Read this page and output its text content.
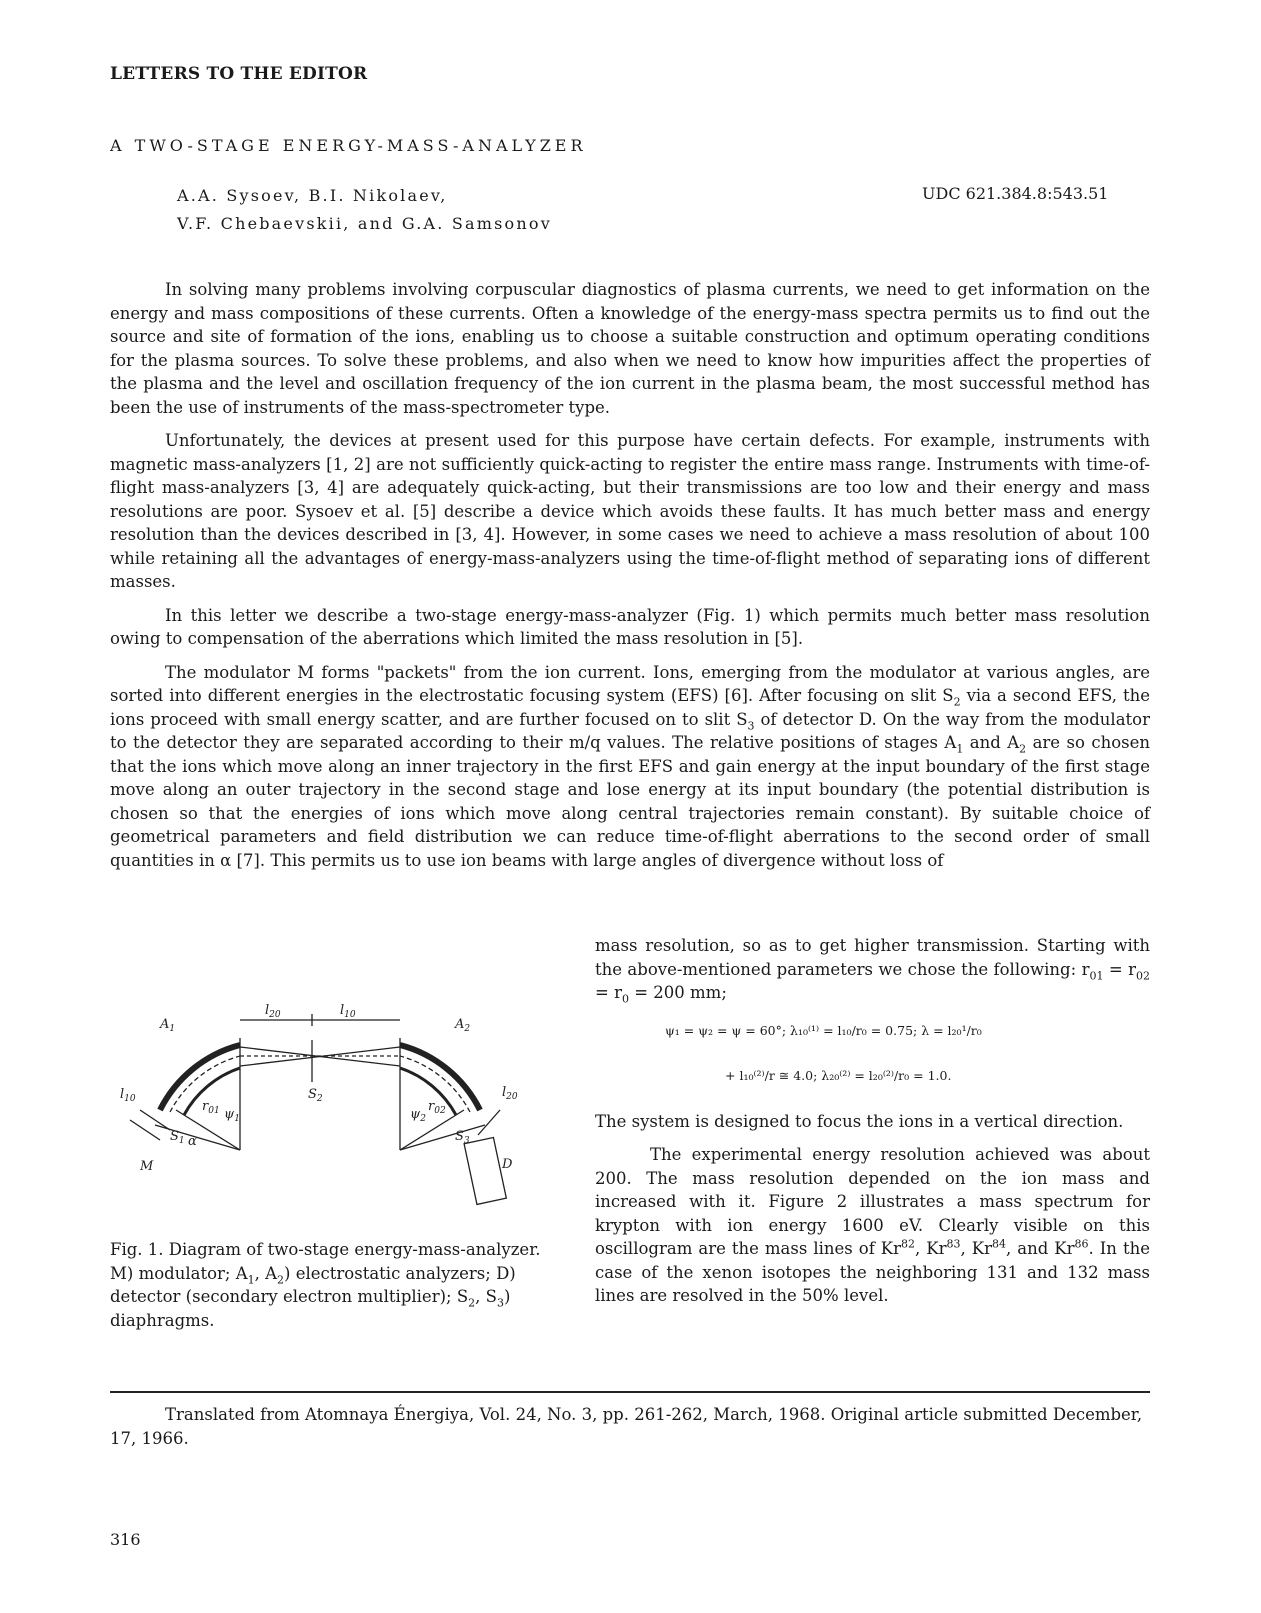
LETTERS TO THE EDITOR
A TWO-STAGE ENERGY-MASS-ANALYZER
A.A. Sysoev, B.I. Nikolaev,
V.F. Chebaevskii, and G.A. Samsonov
UDC 621.384.8:543.51

In solving many problems involving corpuscular diagnostics of plasma currents, we need to get information on the energy and mass compositions of these currents. Often a knowledge of the energy-mass spectra permits us to find out the source and site of formation of the ions, enabling us to choose a suitable construction and optimum operating conditions for the plasma sources. To solve these problems, and also when we need to know how impurities affect the properties of the plasma and the level and oscillation frequency of the ion current in the plasma beam, the most successful method has been the use of instruments of the mass-spectrometer type.

Unfortunately, the devices at present used for this purpose have certain defects. For example, instruments with magnetic mass-analyzers [1, 2] are not sufficiently quick-acting to register the entire mass range. Instruments with time-of-flight mass-analyzers [3, 4] are adequately quick-acting, but their transmissions are too low and their energy and mass resolutions are poor. Sysoev et al. [5] describe a device which avoids these faults. It has much better mass and energy resolution than the devices described in [3, 4]. However, in some cases we need to achieve a mass resolution of about 100 while retaining all the advantages of energy-mass-analyzers using the time-of-flight method of separating ions of different masses.

In this letter we describe a two-stage energy-mass-analyzer (Fig. 1) which permits much better mass resolution owing to compensation of the aberrations which limited the mass resolution in [5].

The modulator M forms "packets" from the ion current. Ions, emerging from the modulator at various angles, are sorted into different energies in the electrostatic focusing system (EFS) [6]. After focusing on slit $S_2$ via a second EFS, the ions proceed with small energy scatter, and are further focused on to slit $S_3$ of detector D. On the way from the modulator to the detector they are separated according to their m/q values. The relative positions of stages $A_1$ and $A_2$ are so chosen that the ions which move along an inner trajectory in the first EFS and gain energy at the input boundary of the first stage move along an outer trajectory in the second stage and lose energy at its input boundary (the potential distribution is chosen so that the energies of ions which move along central trajectories remain constant). By suitable choice of geometrical parameters and field distribution we can reduce time-of-flight aberrations to the second order of small quantities in α [7]. This permits us to use ion beams with large angles of divergence without loss of

mass resolution, so as to get higher transmission. Starting with the above-mentioned parameters we chose the following: $r_{01} = r_{02} = r_0 = 200$ mm;

ψ₁ = ψ₂ = ψ = 60°; λ₁₀⁽¹⁾ = l₁₀/r₀ = 0.75; λ = l₂₀¹/r₀
+ l₁₀⁽²⁾/r ≅ 4.0; λ₂₀⁽²⁾ = l₂₀⁽²⁾/r₀ = 1.0.

The system is designed to focus the ions in a vertical direction.

The experimental energy resolution achieved was about 200. The mass resolution depended on the ion mass and increased with it. Figure 2 illustrates a mass spectrum for krypton with ion energy 1600 eV. Clearly visible on this oscillogram are the mass lines of Kr$^{82}$, Kr$^{83}$, Kr$^{84}$, and Kr$^{86}$. In the case of the xenon isotopes the neighboring 131 and 132 mass lines are resolved in the 50% level.

$A_1$	$A_2$
$l_{20}$	$l_{10}$
$S_2$
$S_1$ α
M
$r_{01}$ $\psi_1$	$\psi_2$
$r_{02}$
$S_3$
D
$l_{10}$	$l_{20}$
Fig. 1. Diagram of two-stage energy-mass-analyzer. M) modulator; $A_1$, $A_2$) electrostatic analyzers; D) detector (secondary electron multiplier); $S_2$, $S_3$) diaphragms.
Translated from Atomnaya Énergiya, Vol. 24, No. 3, pp. 261-262, March, 1968. Original article submitted December, 17, 1966.
316
